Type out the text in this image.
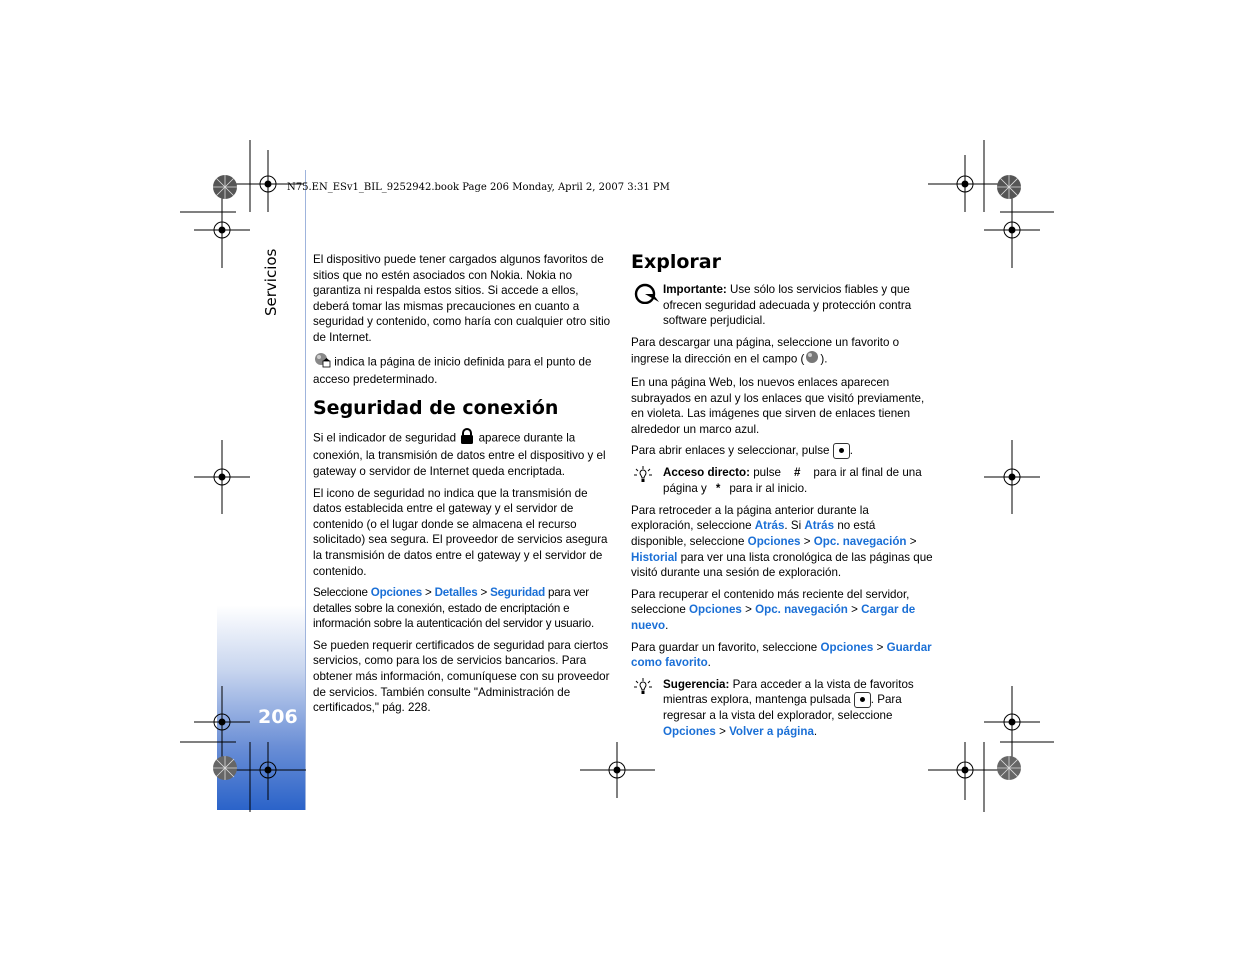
Servicios
206
N75.EN_ESv1_BIL_9252942.book Page 206 Monday, April 2, 2007 3:31 PM

El dispositivo puede tener cargados algunos favoritos de sitios que no estén asociados con Nokia. Nokia no garantiza ni respalda estos sitios. Si accede a ellos, deberá tomar las mismas precauciones en cuanto a seguridad y contenido, como haría con cualquier otro sitio de Internet.

indica la página de inicio definida para el punto de acceso predeterminado.

Seguridad de conexión

Si el indicador de seguridad aparece durante la conexión, la transmisión de datos entre el dispositivo y el gateway o servidor de Internet queda encriptada.

El icono de seguridad no indica que la transmisión de datos establecida entre el gateway y el servidor de contenido (o el lugar donde se almacena el recurso solicitado) sea segura. El proveedor de servicios asegura la transmisión de datos entre el gateway y el servidor de contenido.

Seleccione Opciones > Detalles > Seguridad para ver detalles sobre la conexión, estado de encriptación e información sobre la autenticación del servidor y usuario.

Se pueden requerir certificados de seguridad para ciertos servicios, como para los de servicios bancarios. Para obtener más información, comuníquese con su proveedor de servicios. También consulte "Administración de certificados," pág. 228.

Explorar
Importante: Use sólo los servicios fiables y que ofrecen seguridad adecuada y protección contra software perjudicial.

Para descargar una página, seleccione un favorito o ingrese la dirección en el campo ( ).

En una página Web, los nuevos enlaces aparecen subrayados en azul y los enlaces que visitó previamente, en violeta. Las imágenes que sirven de enlaces tienen alrededor un marco azul.

Para abrir enlaces y seleccionar, pulse .

Acceso directo: pulse # para ir al final de una página y * para ir al inicio.

Para retroceder a la página anterior durante la exploración, seleccione Atrás. Si Atrás no está disponible, seleccione Opciones > Opc. navegación > Historial para ver una lista cronológica de las páginas que visitó durante una sesión de exploración.

Para recuperar el contenido más reciente del servidor, seleccione Opciones > Opc. navegación > Cargar de nuevo.

Para guardar un favorito, seleccione Opciones > Guardar como favorito.

Sugerencia: Para acceder a la vista de favoritos mientras explora, mantenga pulsada . Para regresar a la vista del explorador, seleccione Opciones > Volver a página.
